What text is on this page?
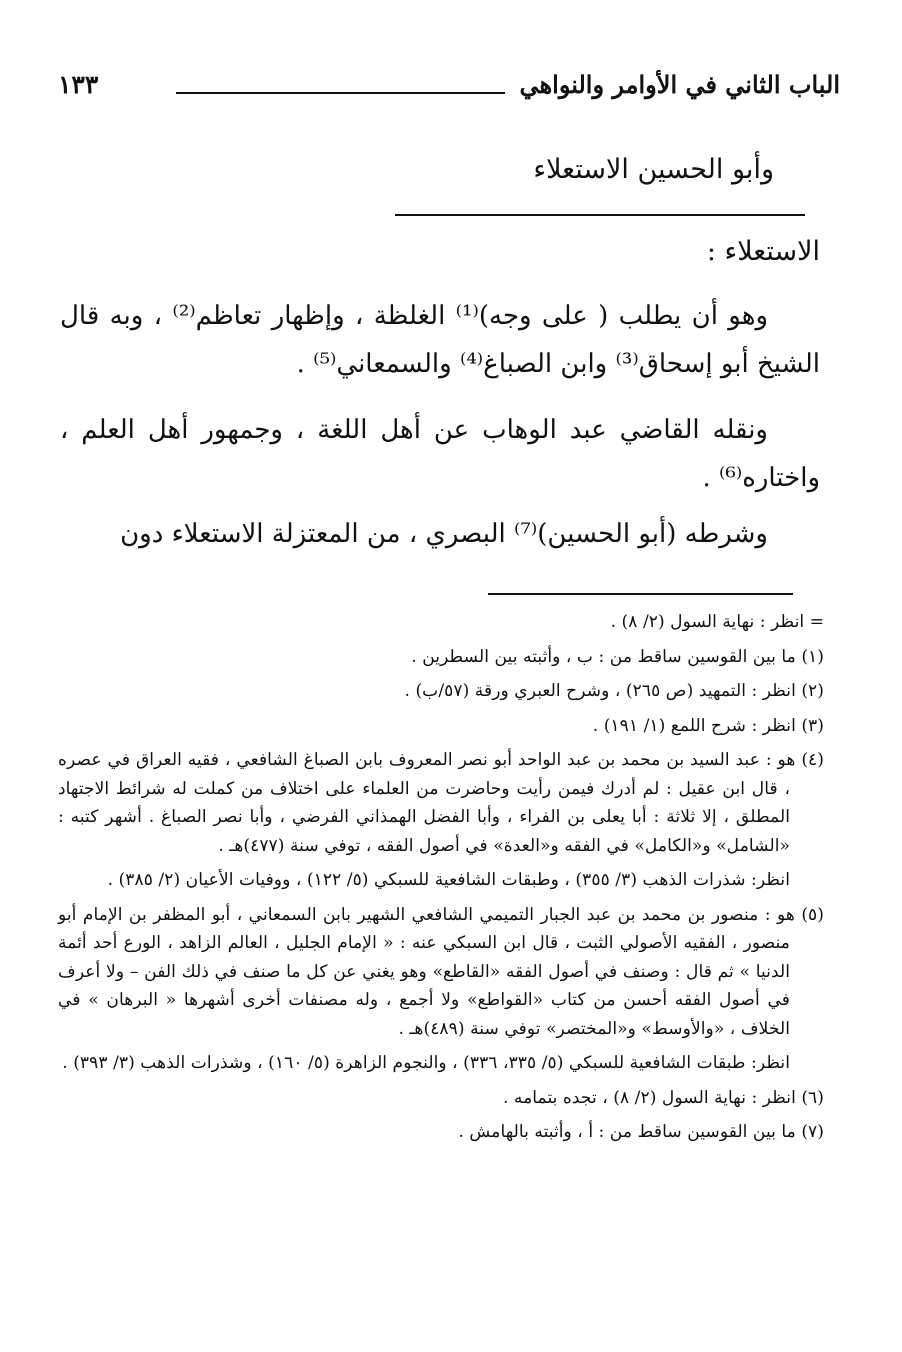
الباب الثاني في الأوامر والنواهي
١٣٣
وأبو الحسين الاستعلاء
الاستعلاء :

وهو أن يطلب ( على وجه)⁽¹⁾ الغلظة ، وإظهار تعاظم⁽²⁾ ، وبه قال الشيخ أبو إسحاق⁽³⁾ وابن الصباغ⁽⁴⁾ والسمعاني⁽⁵⁾ .

ونقله القاضي عبد الوهاب عن أهل اللغة ، وجمهور أهل العلم ، واختاره⁽⁶⁾ .

وشرطه (أبو الحسين)⁽⁷⁾ البصري ، من المعتزلة الاستعلاء دون

= انظر : نهاية السول (٢/ ٨) .

(١) ما بين القوسين ساقط من : ب ، وأثبته بين السطرين .

(٢) انظر : التمهيد (ص ٢٦٥) ، وشرح العبري ورقة (٥٧/ب) .

(٣) انظر : شرح اللمع (١/ ١٩١) .

(٤) هو : عبد السيد بن محمد بن عبد الواحد أبو نصر المعروف بابن الصباغ الشافعي ، فقيه العراق في عصره ، قال ابن عقيل : لم أدرك فيمن رأيت وحاضرت من العلماء على اختلاف من كملت له شرائط الاجتهاد المطلق ، إلا ثلاثة : أبا يعلى بن الفراء ، وأبا الفضل الهمذاني الفرضي ، وأبا نصر الصباغ . أشهر كتبه : «الشامل» و«الكامل» في الفقه و«العدة» في أصول الفقه ، توفي سنة (٤٧٧)هـ .

انظر: شذرات الذهب (٣/ ٣٥٥) ، وطبقات الشافعية للسبكي (٥/ ١٢٢) ، ووفيات الأعيان (٢/ ٣٨٥) .

(٥) هو : منصور بن محمد بن عبد الجبار التميمي الشافعي الشهير بابن السمعاني ، أبو المظفر بن الإمام أبو منصور ، الفقيه الأصولي الثبت ، قال ابن السبكي عنه : « الإمام الجليل ، العالم الزاهد ، الورع أحد أئمة الدنيا » ثم قال : وصنف في أصول الفقه «القاطع» وهو يغني عن كل ما صنف في ذلك الفن – ولا أعرف في أصول الفقه أحسن من كتاب «القواطع» ولا أجمع ، وله مصنفات أخرى أشهرها « البرهان » في الخلاف ، «والأوسط» و«المختصر» توفي سنة (٤٨٩)هـ .

انظر: طبقات الشافعية للسبكي (٥/ ٣٣٥، ٣٣٦) ، والنجوم الزاهرة (٥/ ١٦٠) ، وشذرات الذهب (٣/ ٣٩٣) .

(٦) انظر : نهاية السول (٢/ ٨) ، تجده بتمامه .

(٧) ما بين القوسين ساقط من : أ ، وأثبته بالهامش .
